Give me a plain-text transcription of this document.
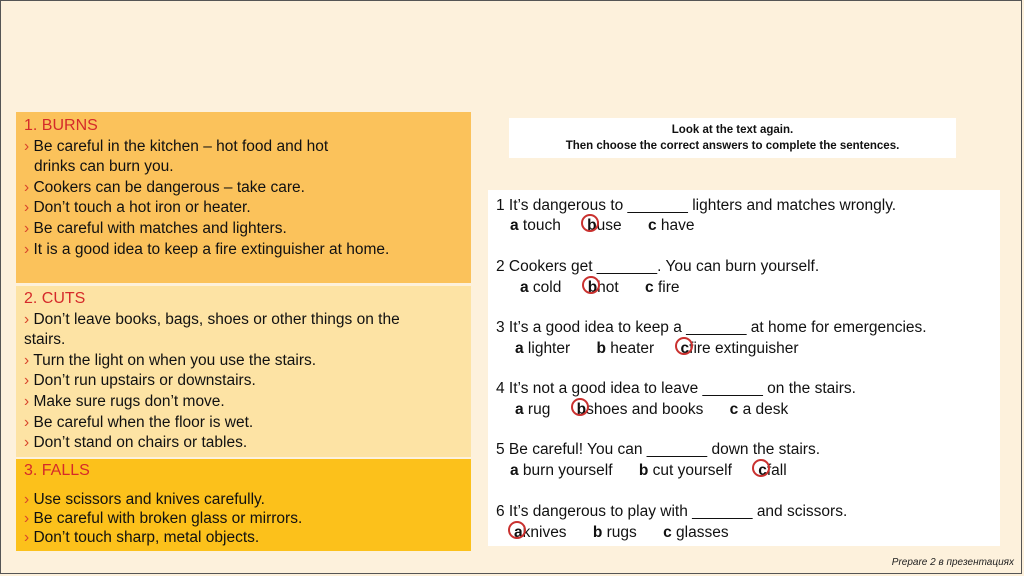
1. BURNS
› Be careful in the kitchen – hot food and hot
drinks can burn you.
› Cookers can be dangerous – take care.
› Don’t touch a hot iron or heater.
› Be careful with matches and lighters.
› It is a good idea to keep a fire extinguisher at home.
2. CUTS
› Don’t leave books, bags, shoes or other things on the
stairs.
› Turn the light on when you use the stairs.
› Don’t run upstairs or downstairs.
› Make sure rugs don’t move.
› Be careful when the floor is wet.
› Don’t stand on chairs or tables.
3. FALLS
› Use scissors and knives carefully.
› Be careful with broken glass or mirrors.
› Don’t touch sharp, metal objects.
Look at the text again.
Then choose the correct answers to complete the sentences.
1 It’s dangerous to _______ lighters and matches wrongly.
a touch buse c have
2 Cookers get _______. You can burn yourself.
a cold bhot c fire
3 It’s a good idea to keep a _______ at home for emergencies.
a lighter b heater cfire extinguisher
4 It’s not a good idea to leave _______ on the stairs.
a rug bshoes and books c a desk
5 Be careful! You can _______ down the stairs.
a burn yourself b cut yourself cfall
6 It’s dangerous to play with _______ and scissors.
aknives b rugs c glasses
Prepare 2 в презентациях
